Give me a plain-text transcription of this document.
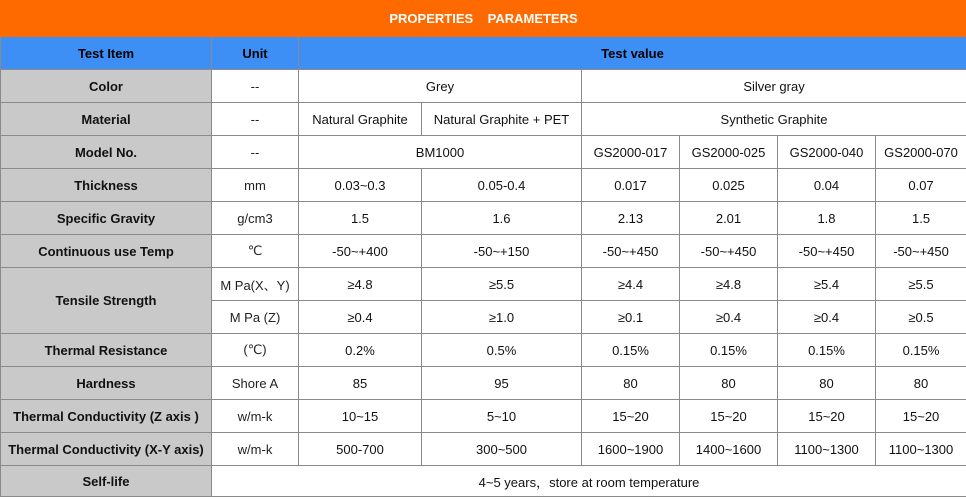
PROPERTIES    PARAMETERS							
Test Item	Unit	Test value					
Color	--	Grey		Silver gray			
Material	--	Natural Graphite	Natural Graphite + PET	Synthetic Graphite			
Model No.	--	BM1000		GS2000-017	GS2000-025	GS2000-040	GS2000-070
Thickness	mm	0.03~0.3	0.05-0.4	0.017	0.025	0.04	0.07
Specific Gravity	g/cm3	1.5	1.6	2.13	2.01	1.8	1.5
Continuous use Temp	℃	-50~+400	-50~+150	-50~+450	-50~+450	-50~+450	-50~+450
Tensile Strength	M Pa(X、Y)	≥4.8	≥5.5	≥4.4	≥4.8	≥5.4	≥5.5
	M Pa (Z)	≥0.4	≥1.0	≥0.1	≥0.4	≥0.4	≥0.5
Thermal Resistance	(℃)	0.2%	0.5%	0.15%	0.15%	0.15%	0.15%
Hardness	Shore A	85	95	80	80	80	80
Thermal Conductivity (Z axis )	w/m-k	10~15	5~10	15~20	15~20	15~20	15~20
Thermal Conductivity (X-Y axis)	w/m-k	500-700	300~500	1600~1900	1400~1600	1100~1300	1100~1300
Self-life	4~5 years，store at room temperature						
